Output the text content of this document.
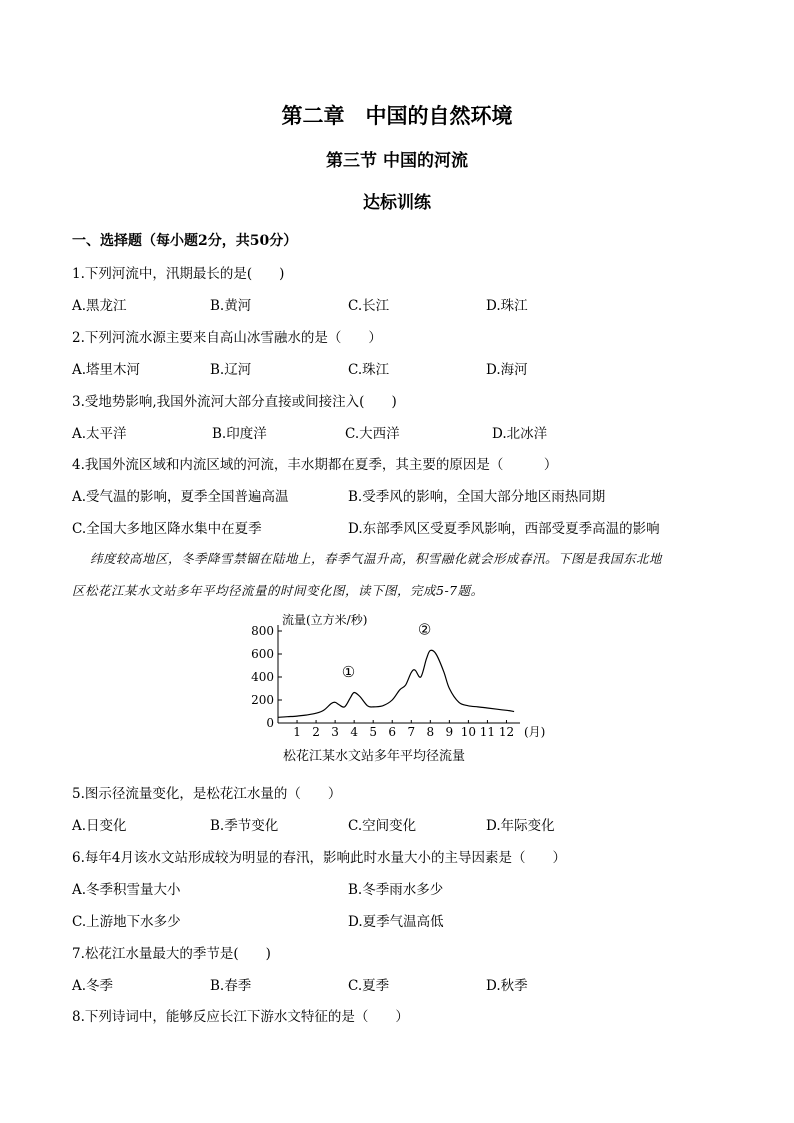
第二章　中国的自然环境
第三节 中国的河流
达标训练
一、选择题（每小题2分，共50分）
1.下列河流中，汛期最长的是(　　)
A.黑龙江	B.黄河	C.长江	D.珠江
2.下列河流水源主要来自高山冰雪融水的是（　　）
A.塔里木河	B.辽河	C.珠江	D.海河
3.受地势影响,我国外流河大部分直接或间接注入(　　)
A.太平洋	B.印度洋	C.大西洋	D.北冰洋
4.我国外流区域和内流区域的河流，丰水期都在夏季，其主要的原因是（　　　）
A.受气温的影响，夏季全国普遍高温	B.受季风的影响，全国大部分地区雨热同期
C.全国大多地区降水集中在夏季	D.东部季风区受夏季风影响，西部受夏季高温的影响
纬度较高地区，冬季降雪禁锢在陆地上，春季气温升高，积雪融化就会形成春汛。下图是我国东北地
区松花江某水文站多年平均径流量的时间变化图，读下图，完成5-7题。
0
200
400
600
800
1 2 3 4 5 6 7 8 9 10 11 12 (月)
流量(立方米/秒)
①
②
松花江某水文站多年平均径流量
5.图示径流量变化，是松花江水量的（　　）
A.日变化	B.季节变化	C.空间变化	D.年际变化
6.每年4月该水文站形成较为明显的春汛，影响此时水量大小的主导因素是（　　）
A.冬季积雪量大小	B.冬季雨水多少
C.上游地下水多少	D.夏季气温高低
7.松花江水量最大的季节是(　　)
A.冬季	B.春季	C.夏季	D.秋季
8.下列诗词中，能够反应长江下游水文特征的是（　　）
